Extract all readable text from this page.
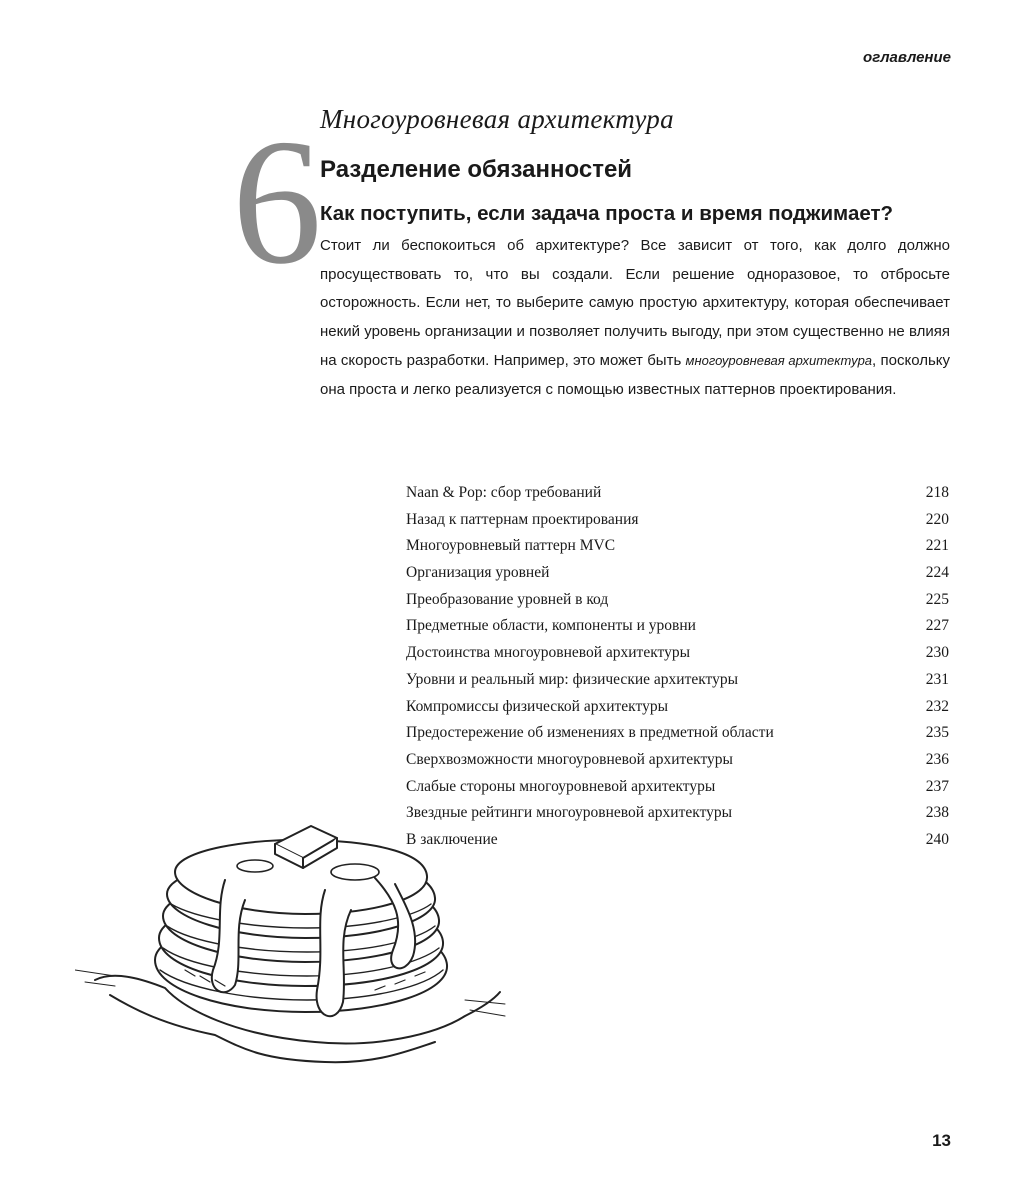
оглавление
6
Многоуровневая архитектура
Разделение обязанностей
Как поступить, если задача проста и время поджимает?

Стоит ли беспокоиться об архитектуре? Все зависит от того, как долго должно просуществовать то, что вы создали. Если решение одноразовое, то отбросьте осторожность. Если нет, то выберите самую простую архитектуру, которая обеспечивает некий уровень организации и позволяет получить выгоду, при этом существенно не влияя на скорость разработки. Например, это может быть многоуровневая архитектура, поскольку она проста и легко реализуется с помощью известных паттернов проектирования.

Naan & Pop: сбор требований	218
Назад к паттернам проектирования	220
Многоуровневый паттерн MVC	221
Организация уровней	224
Преобразование уровней в код	225
Предметные области, компоненты и уровни	227
Достоинства многоуровневой архитектуры	230
Уровни и реальный мир: физические архитектуры	231
Компромиссы физической архитектуры	232
Предостережение об изменениях в предметной области	235
Сверхвозможности многоуровневой архитектуры	236
Слабые стороны многоуровневой архитектуры	237
Звездные рейтинги многоуровневой архитектуры	238
В заключение	240
13
